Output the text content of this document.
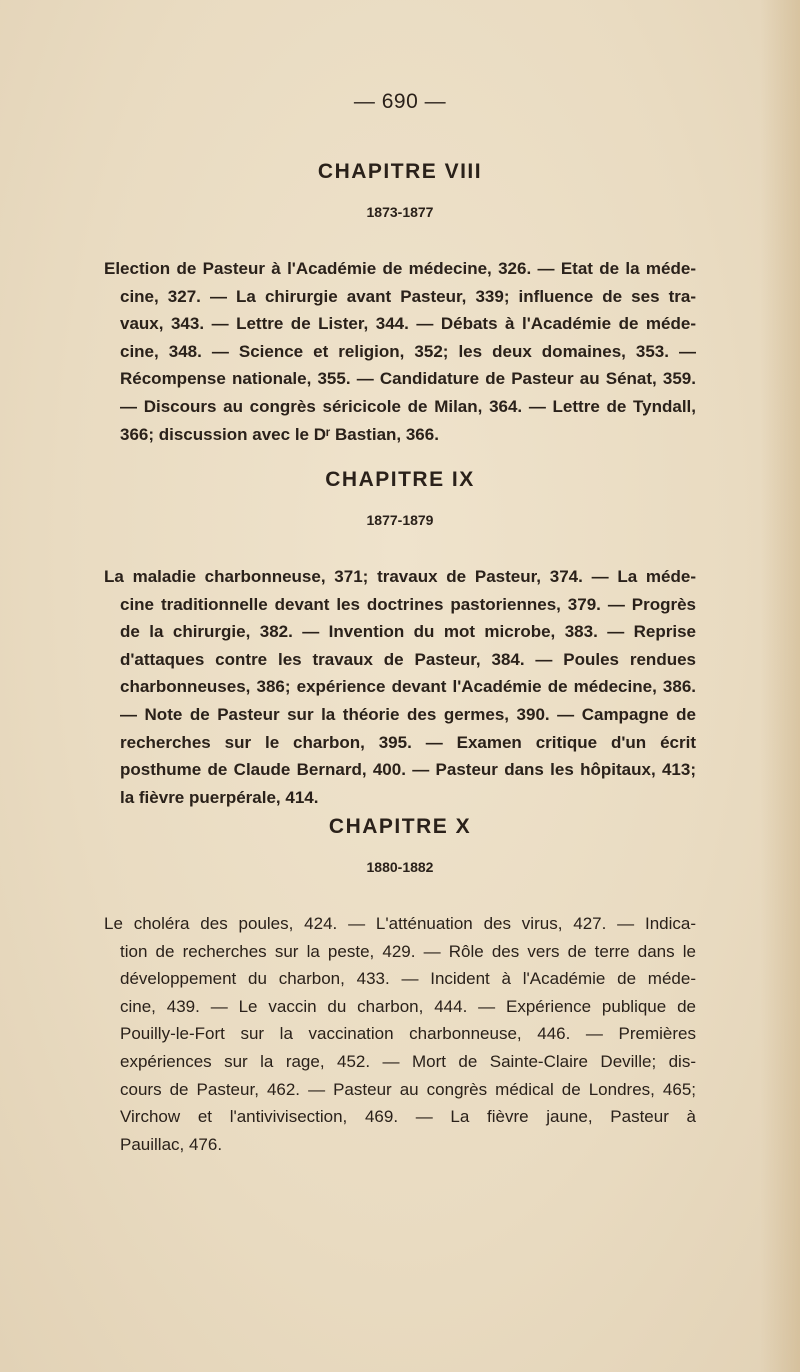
— 690 —
CHAPITRE VIII
1873-1877
Election de Pasteur à l'Académie de médecine, 326. — Etat de la méde-
cine, 327. — La chirurgie avant Pasteur, 339; influence de ses tra-
vaux, 343. — Lettre de Lister, 344. — Débats à l'Académie de méde-
cine, 348. — Science et religion, 352; les deux domaines, 353. —
Récompense nationale, 355. — Candidature de Pasteur au Sénat, 359.
— Discours au congrès séricicole de Milan, 364. — Lettre de Tyndall,
366; discussion avec le Dʳ Bastian, 366.
CHAPITRE IX
1877-1879
La maladie charbonneuse, 371; travaux de Pasteur, 374. — La méde-
cine traditionnelle devant les doctrines pastoriennes, 379. — Progrès
de la chirurgie, 382. — Invention du mot microbe, 383. — Reprise
d'attaques contre les travaux de Pasteur, 384. — Poules rendues
charbonneuses, 386; expérience devant l'Académie de médecine, 386.
— Note de Pasteur sur la théorie des germes, 390. — Campagne de
recherches sur le charbon, 395. — Examen critique d'un écrit
posthume de Claude Bernard, 400. — Pasteur dans les hôpitaux, 413;
la fièvre puerpérale, 414.
CHAPITRE X
1880-1882
Le choléra des poules, 424. — L'atténuation des virus, 427. — Indica-
tion de recherches sur la peste, 429. — Rôle des vers de terre dans le
développement du charbon, 433. — Incident à l'Académie de méde-
cine, 439. — Le vaccin du charbon, 444. — Expérience publique de
Pouilly-le-Fort sur la vaccination charbonneuse, 446. — Premières
expériences sur la rage, 452. — Mort de Sainte-Claire Deville; dis-
cours de Pasteur, 462. — Pasteur au congrès médical de Londres, 465;
Virchow et l'antivivisection, 469. — La fièvre jaune, Pasteur à
Pauillac, 476.
